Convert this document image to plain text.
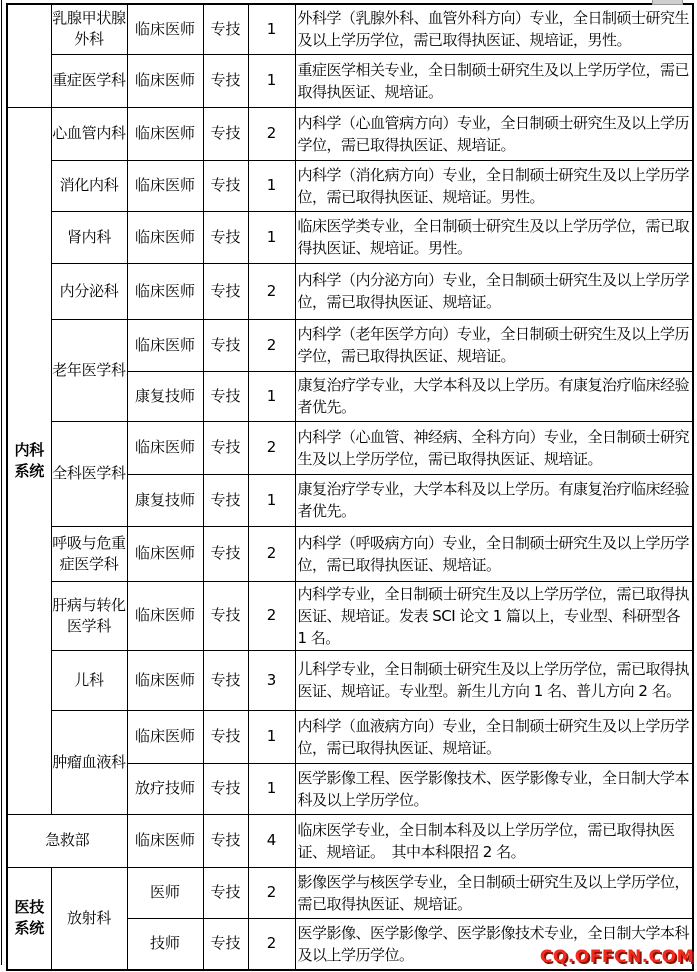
	乳腺甲状腺外科	临床医师	专技	1	外科学（乳腺外科、血管外科方向）专业，全日制硕士研究生及以上学历学位，需已取得执医证、规培证，男性。
	重症医学科	临床医师	专技	1	重症医学相关专业，全日制硕士研究生及以上学历学位，需已取得执医证、规培证。
内科系统	心血管内科	临床医师	专技	2	内科学（心血管病方向）专业，全日制硕士研究生及以上学历学位，需已取得执医证、规培证。
	消化内科	临床医师	专技	1	内科学（消化病方向）专业，全日制硕士研究生及以上学历学位，需已取得执医证、规培证。男性。
	肾内科	临床医师	专技	1	临床医学类专业，全日制硕士研究生及以上学历学位，需已取得执医证、规培证。男性。
	内分泌科	临床医师	专技	2	内科学（内分泌方向）专业，全日制硕士研究生及以上学历学位，需已取得执医证、规培证。
	老年医学科	临床医师	专技	2	内科学（老年医学方向）专业，全日制硕士研究生及以上学历学位，需已取得执医证、规培证。
		康复技师	专技	1	康复治疗学专业，大学本科及以上学历。有康复治疗临床经验者优先。
	全科医学科	临床医师	专技	2	内科学（心血管、神经病、全科方向）专业，全日制硕士研究生及以上学历学位，需已取得执医证、规培证。
		康复技师	专技	1	康复治疗学专业，大学本科及以上学历。有康复治疗临床经验者优先。
	呼吸与危重症医学科	临床医师	专技	2	内科学（呼吸病方向）专业，全日制硕士研究生及以上学历学位，需已取得执医证、规培证。
	肝病与转化医学科	临床医师	专技	2	内科学专业，全日制硕士研究生及以上学历学位，需已取得执医证、规培证。发表 SCI 论文 1 篇以上，专业型、科研型各 1 名。
	儿科	临床医师	专技	3	儿科学专业，全日制硕士研究生及以上学历学位，需已取得执医证、规培证。专业型。新生儿方向 1 名、普儿方向 2 名。
	肿瘤血液科	临床医师	专技	1	内科学（血液病方向）专业，全日制硕士研究生及以上学历学位，需已取得执医证、规培证。
		放疗技师	专技	1	医学影像工程、医学影像技术、医学影像专业，全日制大学本科及以上学历学位。
急救部		临床医师	专技	4	临床医学专业，全日制本科及以上学历学位，需已取得执医证、规培证。　其中本科限招 2 名。
医技系统	放射科	医师	专技	2	影像医学与核医学专业，全日制硕士研究生及以上学历学位，需已取得执医证、规培证。
		技师	专技	2	医学影像、医学影像学、医学影像技术专业，全日制大学本科及以上学历学位。	CQ.OFFCN.COM
